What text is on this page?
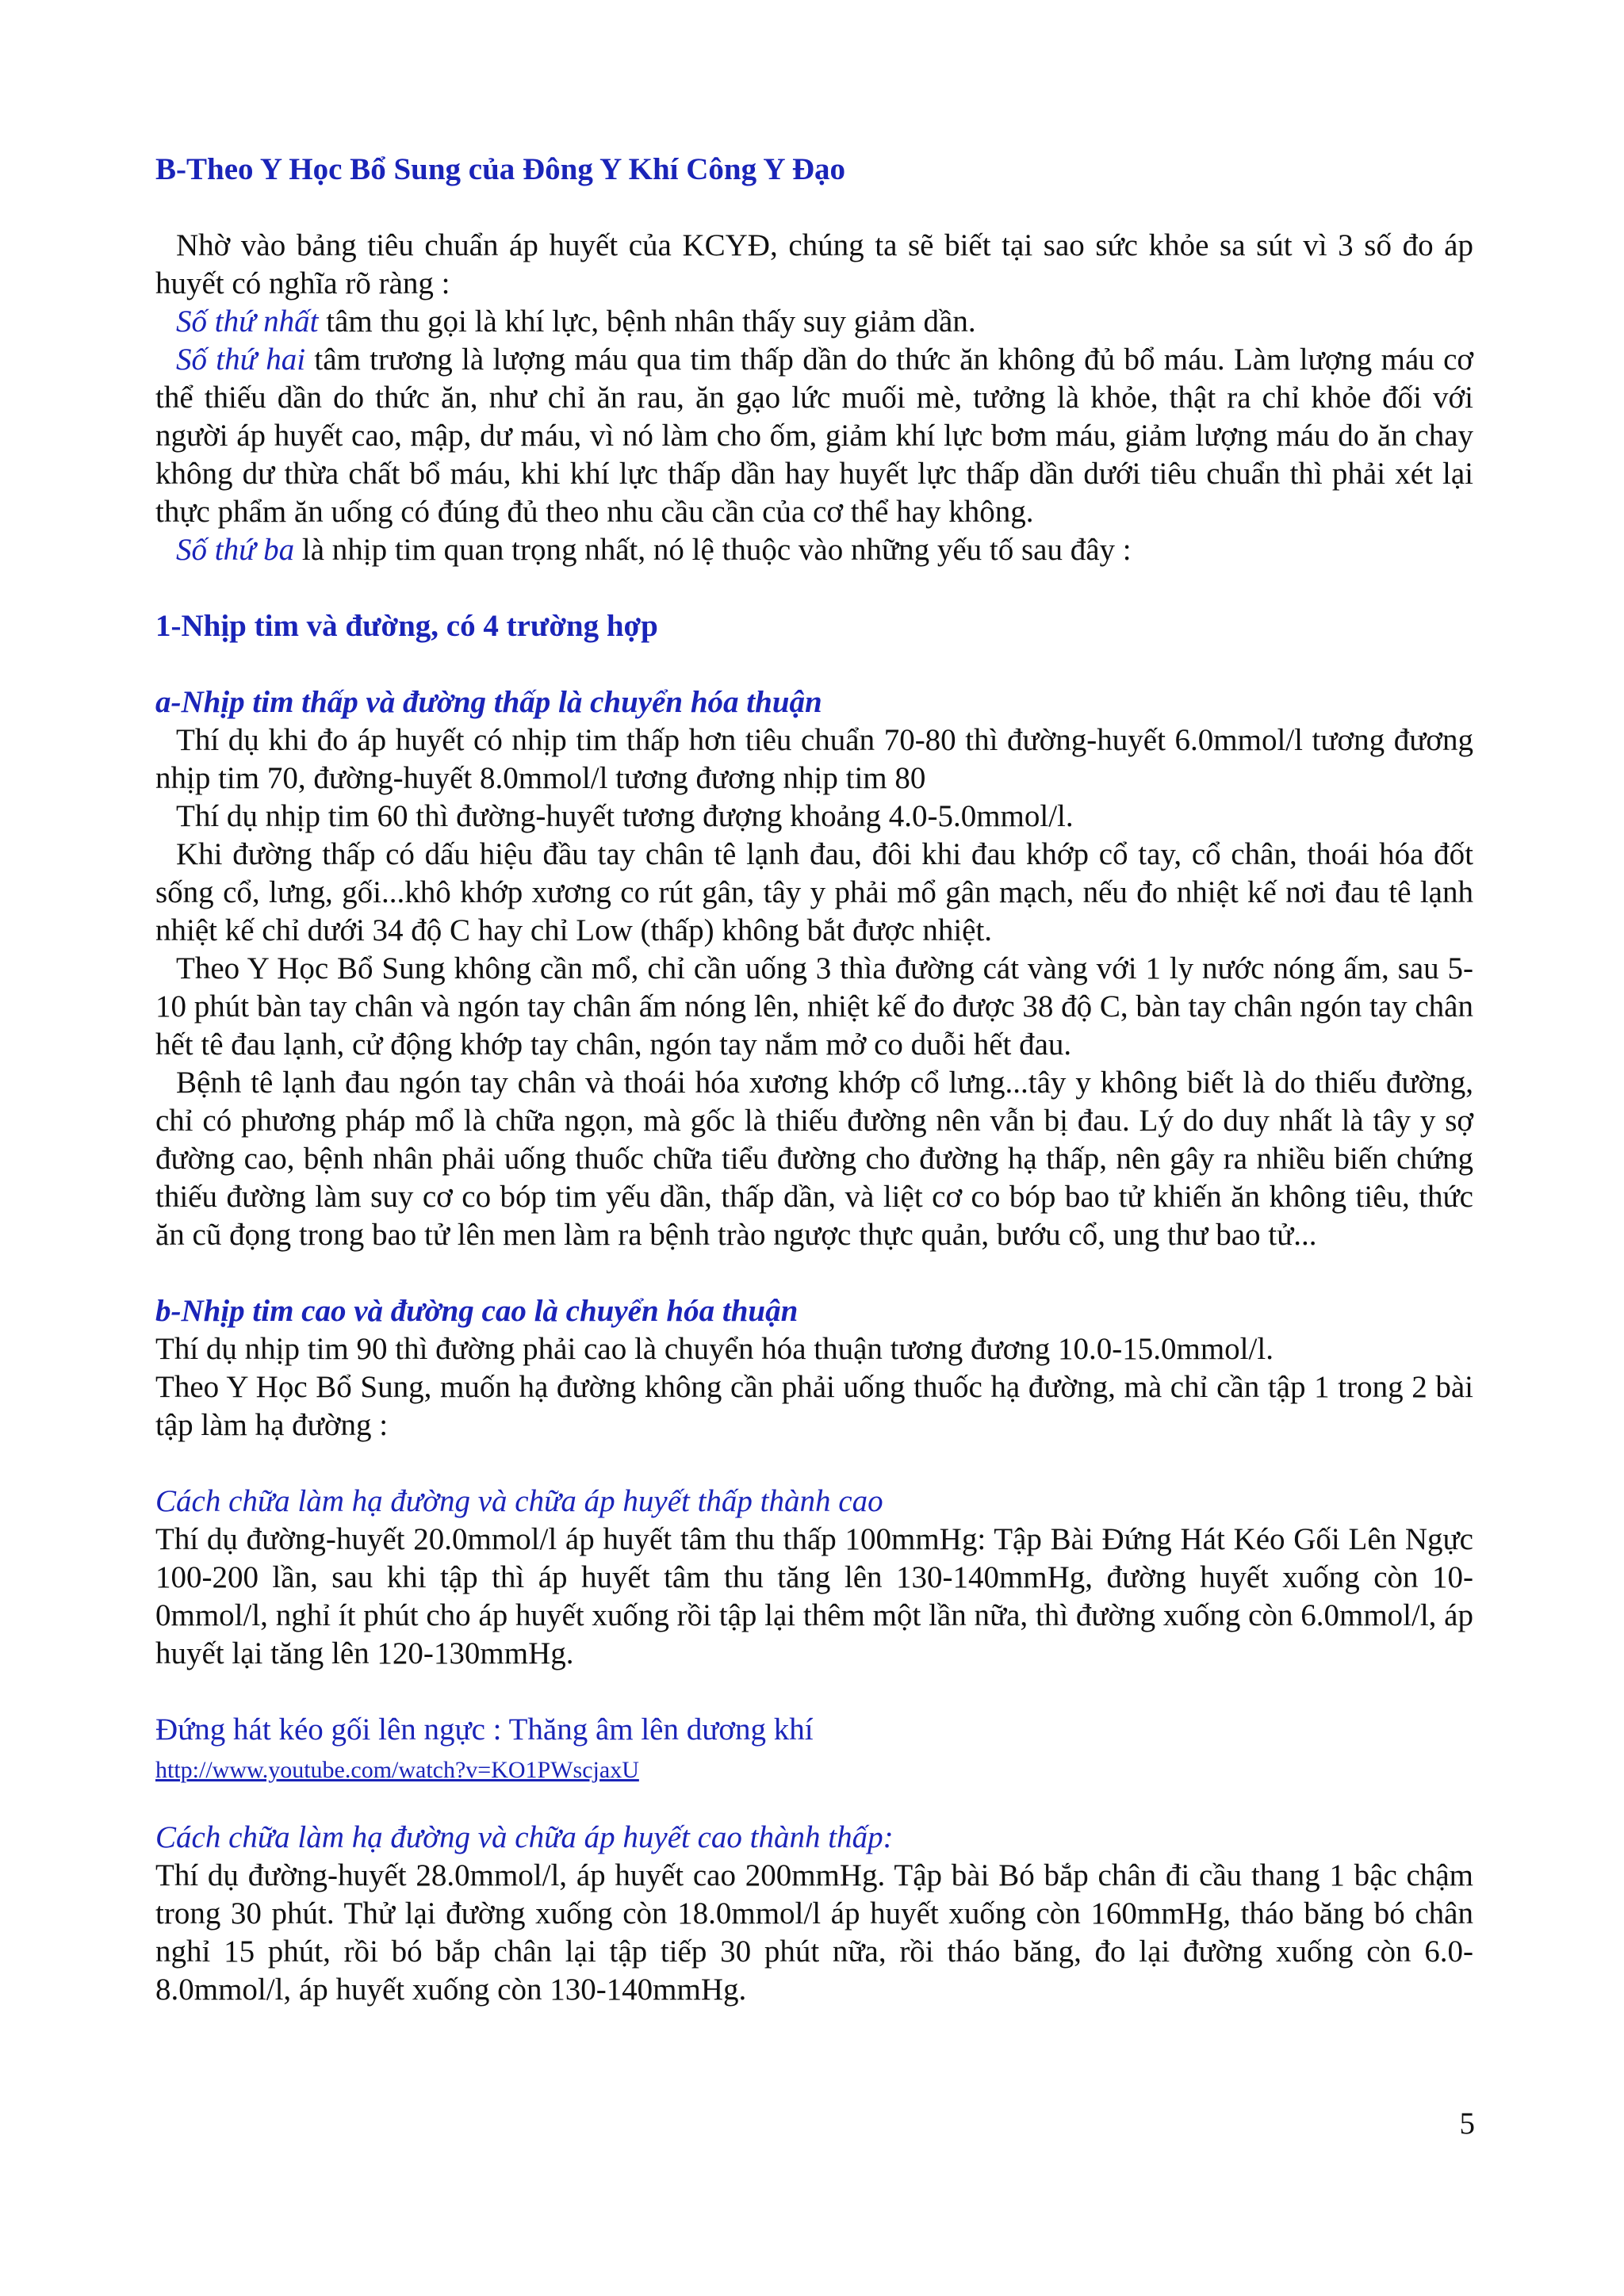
B-Theo Y Học Bổ Sung của Đông Y Khí Công Y Đạo

Nhờ vào bảng tiêu chuẩn áp huyết của KCYĐ, chúng ta sẽ biết tại sao sức khỏe sa sút vì 3 số đo áp huyết có nghĩa rõ ràng :

Số thứ nhất tâm thu gọi là khí lực, bệnh nhân thấy suy giảm dần.

Số thứ hai tâm trương là lượng máu qua tim thấp dần do thức ăn không đủ bổ máu. Làm lượng máu cơ thể thiếu dần do thức ăn, như chỉ ăn rau, ăn gạo lức muối mè, tưởng là khỏe, thật ra chỉ khỏe đối với người áp huyết cao, mập, dư máu, vì nó làm cho ốm, giảm khí lực bơm máu, giảm lượng máu do ăn chay không dư thừa chất bổ máu, khi khí lực thấp dần hay huyết lực thấp dần dưới tiêu chuẩn thì phải xét lại thực phẩm ăn uống có đúng đủ theo nhu cầu cần của cơ thể hay không.

Số thứ ba là nhịp tim quan trọng nhất, nó lệ thuộc vào những yếu tố sau đây :

1-Nhịp tim và đường, có 4 trường hợp

a-Nhịp tim thấp và đường thấp là chuyển hóa thuận

Thí dụ khi đo áp huyết có nhịp tim thấp hơn tiêu chuẩn 70-80 thì đường-huyết 6.0mmol/l tương đương nhịp tim 70, đường-huyết 8.0mmol/l tương đương nhịp tim 80

Thí dụ nhịp tim 60 thì đường-huyết tương đượng khoảng 4.0-5.0mmol/l.

Khi đường thấp có dấu hiệu đầu tay chân tê lạnh đau, đôi khi đau khớp cổ tay, cổ chân, thoái hóa đốt sống cổ, lưng, gối...khô khớp xương co rút gân, tây y phải mổ gân mạch, nếu đo nhiệt kế nơi đau tê lạnh nhiệt kế chỉ dưới 34 độ C hay chỉ Low (thấp) không bắt được nhiệt.

Theo Y Học Bổ Sung không cần mổ, chỉ cần uống 3 thìa đường cát vàng với 1 ly nước nóng ấm, sau 5-10 phút bàn tay chân và ngón tay chân ấm nóng lên, nhiệt kế đo được 38 độ C, bàn tay chân ngón tay chân hết tê đau lạnh, cử động khớp tay chân, ngón tay nắm mở co duỗi hết đau.

Bệnh tê lạnh đau ngón tay chân và thoái hóa xương khớp cổ lưng...tây y không biết là do thiếu đường, chỉ có phương pháp mổ là chữa ngọn, mà gốc là thiếu đường nên vẫn bị đau. Lý do duy nhất là tây y sợ đường cao, bệnh nhân phải uống thuốc chữa tiểu đường cho đường hạ thấp, nên gây ra nhiều biến chứng thiếu đường làm suy cơ co bóp tim yếu dần, thấp dần, và liệt cơ co bóp bao tử khiến ăn không tiêu, thức ăn cũ đọng trong bao tử lên men làm ra bệnh trào ngược thực quản, bướu cổ, ung thư bao tử...

b-Nhịp tim cao và đường cao là chuyển hóa thuận

Thí dụ nhịp tim 90 thì đường phải cao là chuyển hóa thuận tương đương 10.0-15.0mmol/l.

Theo Y Học Bổ Sung, muốn hạ đường không cần phải uống thuốc hạ đường, mà chỉ cần tập 1 trong 2 bài tập làm hạ đường :

Cách chữa làm hạ đường và chữa áp huyết thấp thành cao

Thí dụ đường-huyết 20.0mmol/l áp huyết tâm thu thấp 100mmHg: Tập Bài Đứng Hát Kéo Gối Lên Ngực 100-200 lần, sau khi tập thì áp huyết tâm thu tăng lên 130-140mmHg, đường huyết xuống còn 10-0mmol/l, nghỉ ít phút cho áp huyết xuống rồi tập lại thêm một lần nữa, thì đường xuống còn 6.0mmol/l, áp huyết lại tăng lên 120-130mmHg.

Đứng hát kéo gối lên ngực : Thăng âm lên dương khí

http://www.youtube.com/watch?v=KO1PWscjaxU

Cách chữa làm hạ đường và chữa áp huyết cao thành thấp:

Thí dụ đường-huyết 28.0mmol/l, áp huyết cao 200mmHg. Tập bài Bó bắp chân đi cầu thang 1 bậc chậm trong 30 phút. Thử lại đường xuống còn 18.0mmol/l áp huyết xuống còn 160mmHg, tháo băng bó chân nghỉ 15 phút, rồi bó bắp chân lại tập tiếp 30 phút nữa, rồi tháo băng, đo lại đường xuống còn 6.0-8.0mmol/l, áp huyết xuống còn 130-140mmHg.

5
